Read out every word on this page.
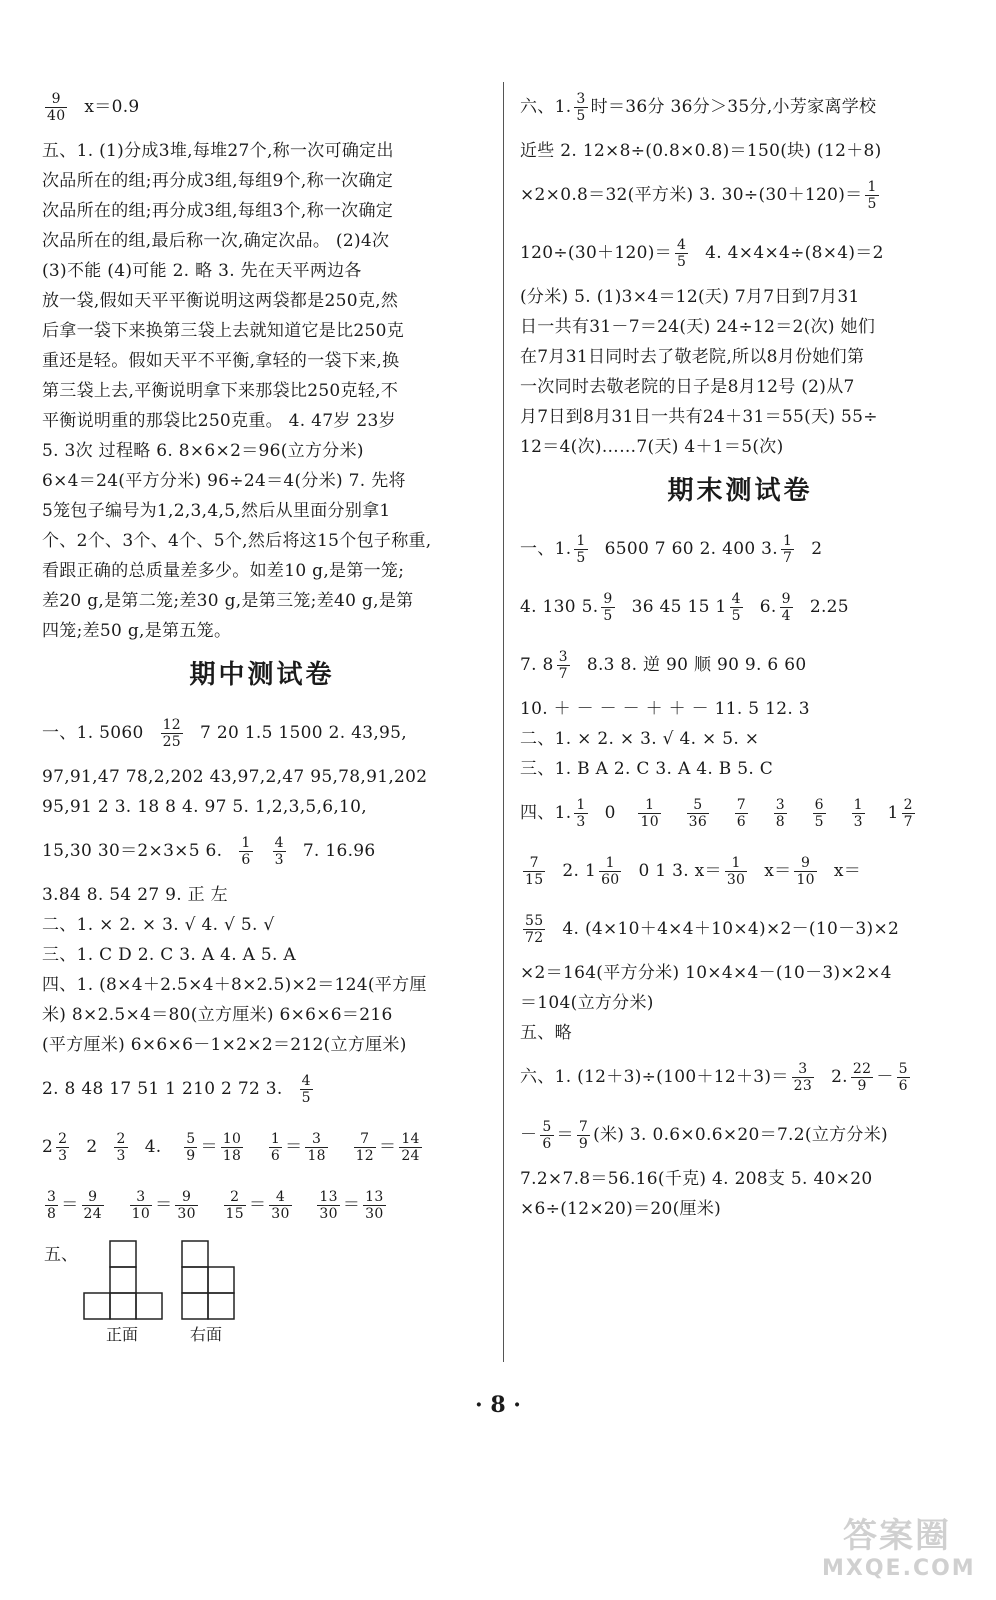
$\frac{9}{40} x=0.9$
五、1. (1)分成3堆,每堆27个,称一次可确定出
次品所在的组;再分成3组,每组9个,称一次确定
次品所在的组;再分成3组,每组3个,称一次确定
次品所在的组,最后称一次,确定次品。 (2)4次
(3)不能 (4)可能 2. 略 3. 先在天平两边各
放一袋,假如天平平衡说明这两袋都是250克,然
后拿一袋下来换第三袋上去就知道它是比250克
重还是轻。假如天平不平衡,拿轻的一袋下来,换
第三袋上去,平衡说明拿下来那袋比250克轻,不
平衡说明重的那袋比250克重。 4. 47岁 23岁
5. 3次 过程略 6. 8×6×2＝96(立方分米)
6×4＝24(平方分米) 96÷24＝4(分米) 7. 先将
5笼包子编号为1,2,3,4,5,然后从里面分别拿1
个、2个、3个、4个、5个,然后将这15个包子称重,
看跟正确的总质量差多少。如差10 g,是第一笼;
差20 g,是第二笼;差30 g,是第三笼;差40 g,是第
四笼;差50 g,是第五笼。
期中测试卷
一、1. $5060 \frac{12}{25} 7$ 20 1.5 1500 2. 43,95,
97,91,47 78,2,202 43,97,2,47 95,78,91,202
95,91 2 3. 18 8 4. 97 5. 1,2,3,5,6,10,
15,30 30＝2×3×5 6. $\frac{1}{6} \frac{4}{3} 7$. 16.96
3.84 8. 54 27 9. 正 左
二、1. × 2. × 3. √ 4. √ 5. √
三、1. C D 2. C 3. A 4. A 5. A
四、1. (8×4＋2.5×4＋8×2.5)×2＝124(平方厘
米) 8×2.5×4＝80(立方厘米) 6×6×6＝216
(平方厘米) 6×6×6－1×2×2＝212(立方厘米)
2. 8 48 17 51 1 210 2 72 3. $\frac{4}{5}$
$2 \frac{2}{3} 2 \frac{2}{3} 4$. $\frac{5}{9} = \frac{10}{18}$
$\frac{1}{6} = \frac{3}{18}$
$\frac{7}{12} = \frac{14}{24}$
$\frac{3}{8} = \frac{9}{24}$
$\frac{3}{10} = \frac{9}{30}$
$\frac{2}{15} = \frac{4}{30}$
$\frac{13}{30} = \frac{13}{30}$
五、
正面	右面
六、1. $\frac{3}{5}$ 时＝36分 36分＞35分,小芳家离学校
近些 2. 12×8÷(0.8×0.8)＝150(块) (12＋8)
×2×0.8＝32(平方米) 3. $30\div(30+120)= \frac{1}{5}$
$120\div(30+120)= \frac{4}{5} 4$. 4×4×4÷(8×4)＝2
(分米) 5. (1)3×4＝12(天) 7月7日到7月31
日一共有31－7＝24(天) 24÷12＝2(次) 她们
在7月31日同时去了敬老院,所以8月份她们第
一次同时去敬老院的日子是8月12号 (2)从7
月7日到8月31日一共有24＋31＝55(天) 55÷
12＝4(次)……7(天) 4＋1＝5(次)
期末测试卷
一、1. $\frac{1}{5} 6500$ 7 60 2. 400 3. $\frac{1}{7} 2$
4. 130 5. $\frac{9}{5} 36$ 45 15 $1 \frac{4}{5} 6$. $\frac{9}{4} 2.25$
7. $8 \frac{3}{7} 8.3$ 8. 逆 90 顺 90 9. 6 60
10. ＋ － － － ＋ ＋ － 11. 5 12. 3
二、1. × 2. × 3. √ 4. × 5. ×
三、1. B A 2. C 3. A 4. B 5. C
四、1. $\frac{1}{3} 0 \frac{1}{10}$
$\frac{5}{36}$
$\frac{7}{6}$
$\frac{3}{8}$
$\frac{6}{5}$
$\frac{1}{3} 1 \frac{2}{7}$
$\frac{7}{15} 2$. $1 \frac{1}{60} 0$ 1 3. $x= \frac{1}{30} x= \frac{9}{10} x=$
$\frac{55}{72} 4$. (4×10＋4×4＋10×4)×2－(10－3)×2
×2＝164(平方分米) 10×4×4－(10－3)×2×4
＝104(立方分米)
五、略
六、1. $(12+3)\div(100+12+3)= \frac{3}{23} 2$. $\frac{22}{9} - \frac{5}{6}$
－ $\frac{5}{6} = \frac{7}{9}$ (米) 3. 0.6×0.6×20＝7.2(立方分米)
7.2×7.8＝56.16(千克) 4. 208支 5. 40×20
×6÷(12×20)＝20(厘米)
· 8 ·
答案圈
MXQE.COM
